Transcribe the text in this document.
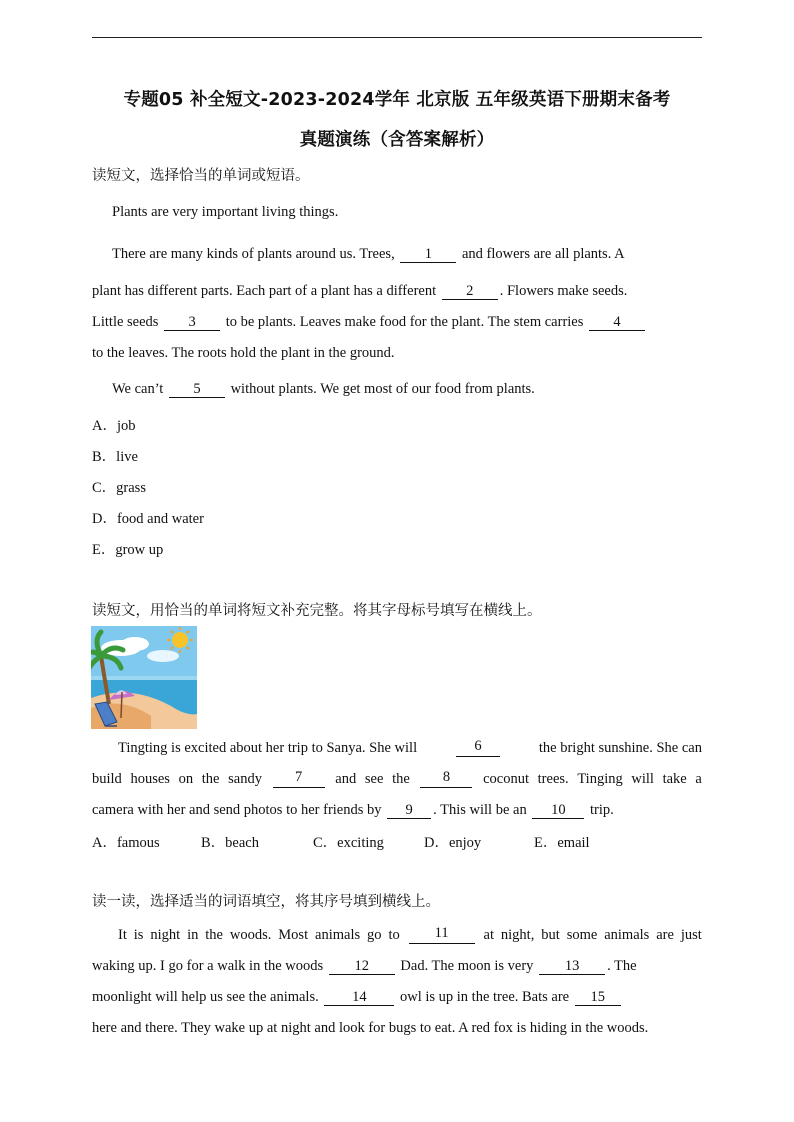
专题05 补全短文-2023-2024学年 北京版 五年级英语下册期末备考
真题演练（含答案解析）
读短文，选择恰当的单词或短语。
Plants are very important living things.
There are many kinds of plants around us. Trees, 1 and flowers are all plants. A
plant has different parts. Each part of a plant has a different 2 . Flowers make seeds.
Little seeds 3 to be plants. Leaves make food for the plant. The stem carries 4
to the leaves. The roots hold the plant in the ground.
We can’t 5 without plants. We get most of our food from plants.
A．job
B．live
C．grass
D．food and water
E．grow up
读短文，用恰当的单词将短文补充完整。将其字母标号填写在横线上。
Tingting is excited about her trip to Sanya. She will	6	the bright sunshine. She can
build houses on the sandy	7	and see the	8	coconut trees. Tinging will take a
camera with her and send photos to her friends by 9 . This will be an 10 trip.
A．famous	B．beach	C．exciting	D．enjoy	E．email
读一读，选择适当的词语填空，将其序号填到横线上。
It is night in the woods. Most animals go to	11	at night, but some animals are just
waking up. I go for a walk in the woods 12 Dad. The moon is very 13 . The
moonlight will help us see the animals. 14 owl is up in the tree. Bats are 15
here and there. They wake up at night and look for bugs to eat. A red fox is hiding in the woods.
